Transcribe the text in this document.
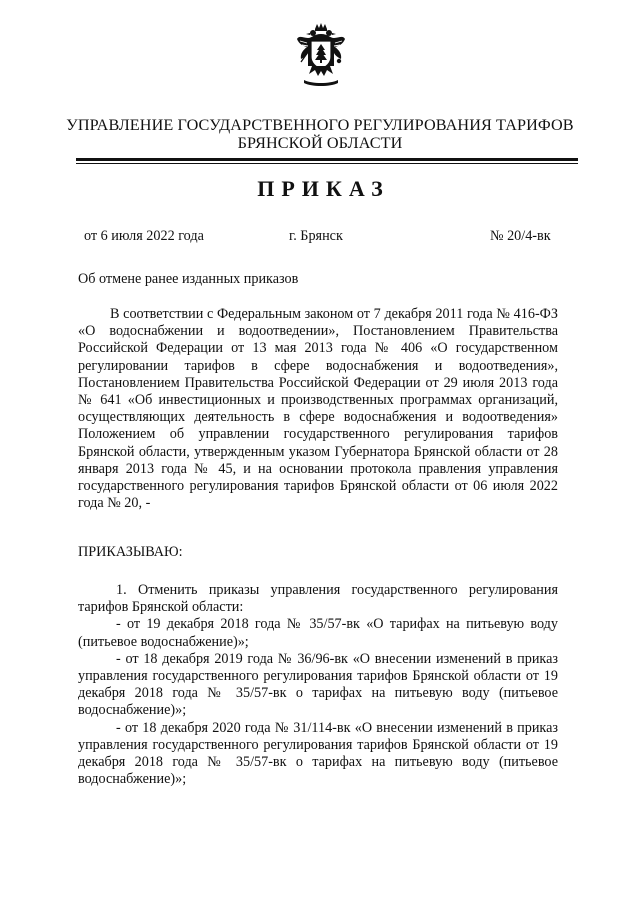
УПРАВЛЕНИЕ ГОСУДАРСТВЕННОГО РЕГУЛИРОВАНИЯ ТАРИФОВ
БРЯНСКОЙ ОБЛАСТИ
ПРИКАЗ
от 6 июля 2022 года	г. Брянск	№ 20/4-вк
Об отмене ранее изданных приказов
В соответствии с Федеральным законом от 7 декабря 2011 года № 416-ФЗ «О водоснабжении и водоотведении», Постановлением Правительства Российской Федерации от 13 мая 2013 года № 406 «О государственном регулировании тарифов в сфере водоснабжения и водоотведения», Постановлением Правительства Российской Федерации от 29 июля 2013 года № 641 «Об инвестиционных и производственных программах организаций, осуществляющих деятельность в сфере водоснабжения и водоотведения» Положением об управлении государственного регулирования тарифов Брянской области, утвержденным указом Губернатора Брянской области от 28 января 2013 года № 45, и на основании протокола правления управления государственного регулирования тарифов Брянской области от 06 июля 2022 года № 20, -
ПРИКАЗЫВАЮ:

1. Отменить приказы управления государственного регулирования тарифов Брянской области:

- от 19 декабря 2018 года № 35/57-вк «О тарифах на питьевую воду (питьевое водоснабжение)»;

- от 18 декабря 2019 года № 36/96-вк «О внесении изменений в приказ управления государственного регулирования тарифов Брянской области от 19 декабря 2018 года № 35/57-вк о тарифах на питьевую воду (питьевое водоснабжение)»;

- от 18 декабря 2020 года № 31/114-вк «О внесении изменений в приказ управления государственного регулирования тарифов Брянской области от 19 декабря 2018 года № 35/57-вк о тарифах на питьевую воду (питьевое водоснабжение)»;
